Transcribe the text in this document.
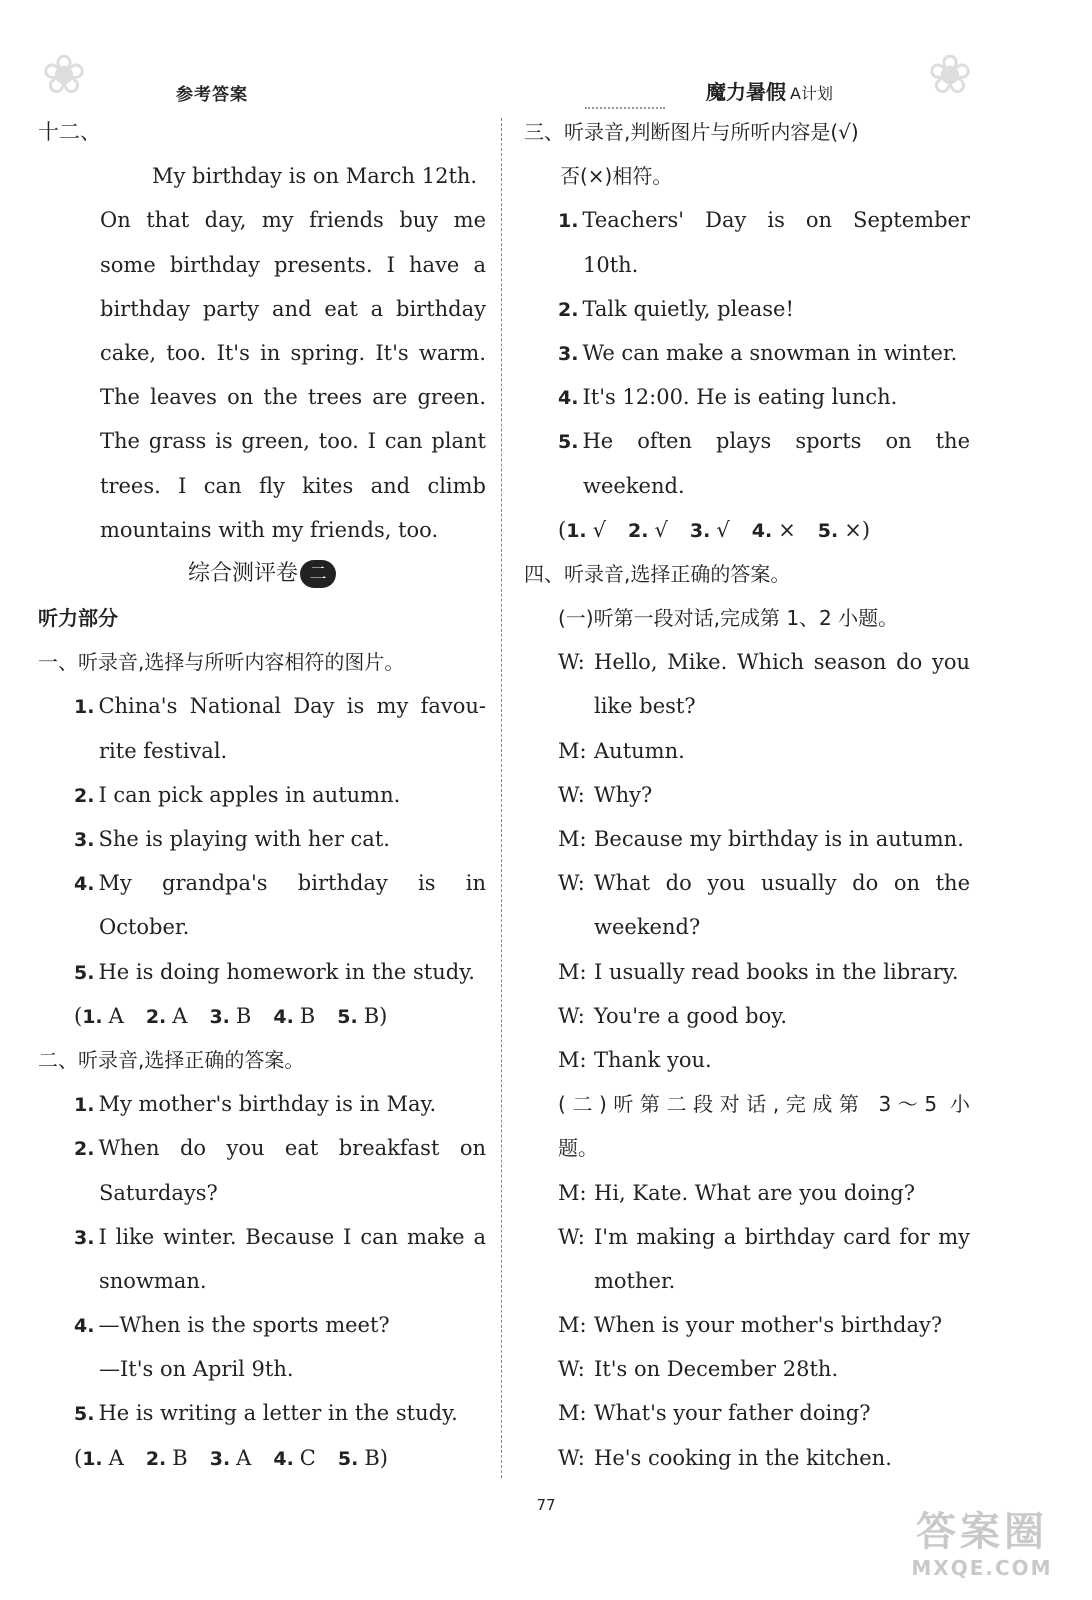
❀	❀
参考答案	魔力暑假 A计划
十二、
My birthday is on March 12th.
On that day, my friends buy me
some birthday presents. I have a
birthday party and eat a birthday
cake, too. It's in spring. It's warm.
The leaves on the trees are green.
The grass is green, too. I can plant
trees. I can fly kites and climb
mountains with my friends, too.
综合测评卷 二
听力部分
一、听录音,选择与所听内容相符的图片。
1. China's National Day is my favou-
rite festival.
2. I can pick apples in autumn.
3. She is playing with her cat.
4. My grandpa's birthday is in
October.
5. He is doing homework in the study.
(1. A 2. A 3. B 4. B 5. B)
二、听录音,选择正确的答案。
1. My mother's birthday is in May.
2. When do you eat breakfast on
Saturdays?
3. I like winter. Because I can make a
snowman.
4. —When is the sports meet?
—It's on April 9th.
5. He is writing a letter in the study.
(1. A 2. B 3. A 4. C 5. B)
三、听录音,判断图片与所听内容是(√)
否(×)相符。
1. Teachers' Day is on September
10th.
2. Talk quietly, please!
3. We can make a snowman in winter.
4. It's 12:00. He is eating lunch.
5. He often plays sports on the
weekend.
(1. √ 2. √ 3. √ 4. × 5. ×)
四、听录音,选择正确的答案。
(一)听第一段对话,完成第 1、2 小题。
W: Hello, Mike. Which season do you
like best?
M: Autumn.
W: Why?
M: Because my birthday is in autumn.
W: What do you usually do on the
weekend?
M: I usually read books in the library.
W: You're a good boy.
M: Thank you.
(二)听第二段对话,完成第 3～5 小
题。
M: Hi, Kate. What are you doing?
W: I'm making a birthday card for my
mother.
M: When is your mother's birthday?
W: It's on December 28th.
M: What's your father doing?
W: He's cooking in the kitchen.
77
答案圈
MXQE.COM
